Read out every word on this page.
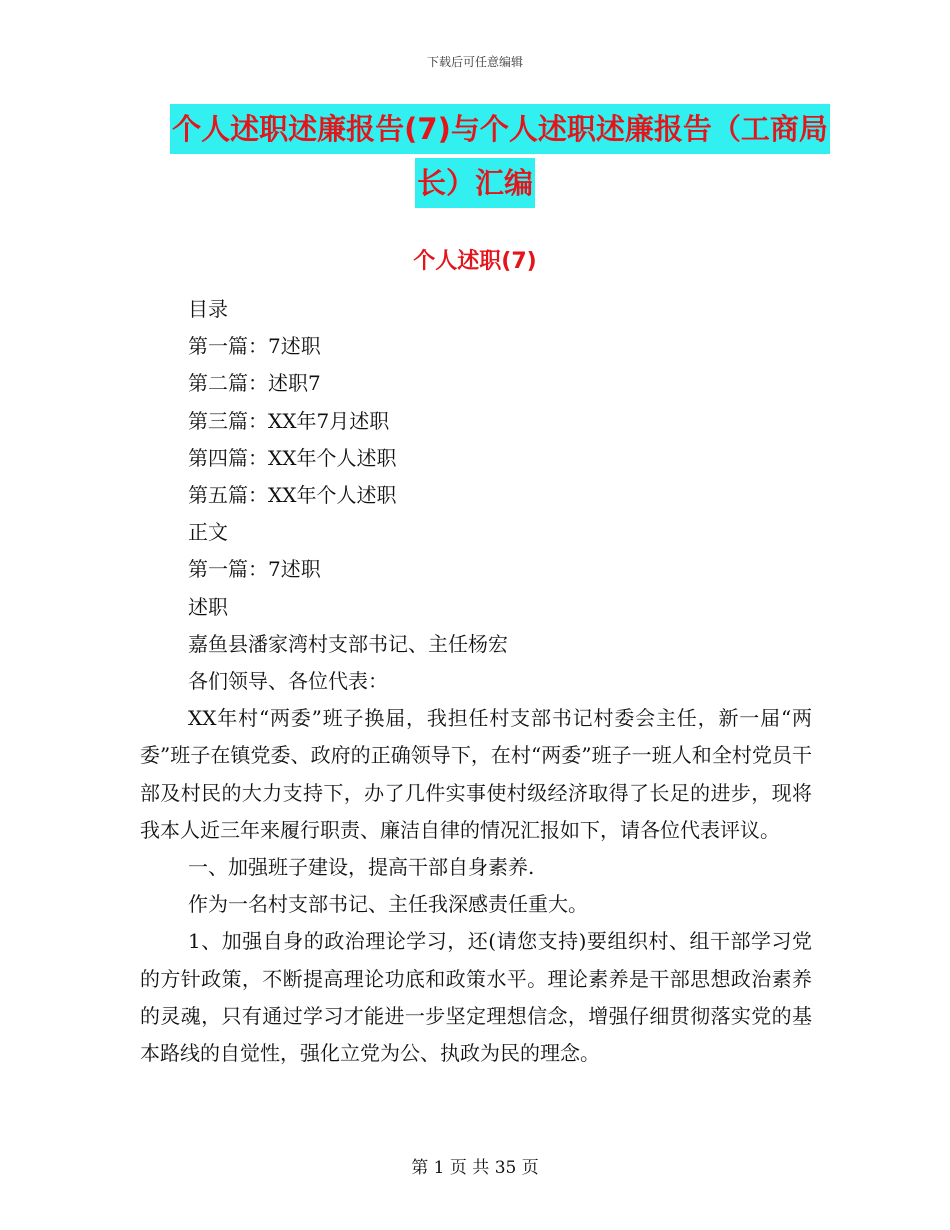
下载后可任意编辑
个人述职述廉报告(7)与个人述职述廉报告（工商局
长）汇编
个人述职(7)

目录

第一篇：7述职

第二篇：述职7

第三篇：XX年7月述职

第四篇：XX年个人述职

第五篇：XX年个人述职

正文

第一篇：7述职

述职

嘉鱼县潘家湾村支部书记、主任杨宏

各们领导、各位代表：

XX年村“两委”班子换届，我担任村支部书记村委会主任，新一届“两委”班子在镇党委、政府的正确领导下，在村“两委”班子一班人和全村党员干部及村民的大力支持下，办了几件实事使村级经济取得了长足的进步，现将我本人近三年来履行职责、廉洁自律的情况汇报如下，请各位代表评议。

一、加强班子建设，提高干部自身素养.

作为一名村支部书记、主任我深感责任重大。

1、加强自身的政治理论学习，还(请您支持)要组织村、组干部学习党的方针政策，不断提高理论功底和政策水平。理论素养是干部思想政治素养的灵魂，只有通过学习才能进一步坚定理想信念，增强仔细贯彻落实党的基本路线的自觉性，强化立党为公、执政为民的理念。

第 1 页 共 35 页
